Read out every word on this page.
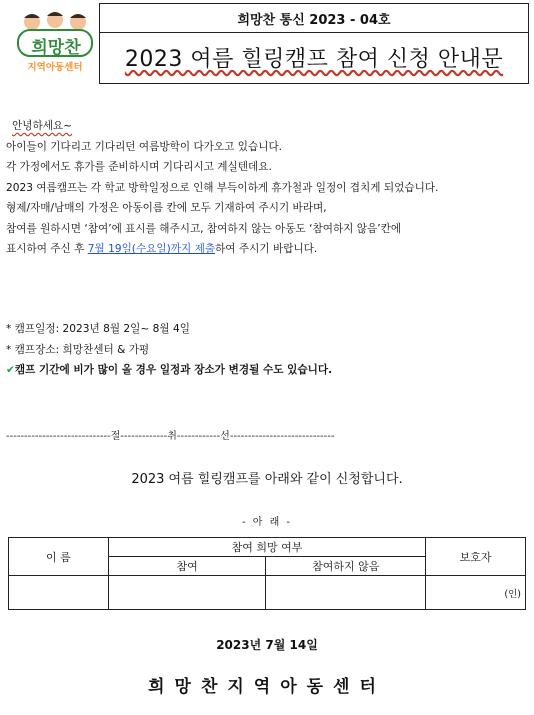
희망찬
지역아동센터
희망찬 통신 2023 - 04호
2023 여름 힐링캠프 참여 신청 안내문

안녕하세요~

아이들이 기다리고 기다리던 여름방학이 다가오고 있습니다.

각 가정에서도 휴가를 준비하시며 기다리시고 계실텐데요.

2023 여름캠프는 각 학교 방학일정으로 인해 부득이하게 휴가철과 일정이 겹치게 되었습니다.

형제/자매/남매의 가정은 아동이름 칸에 모두 기재하여 주시기 바라며,

참여를 원하시면 ‘참여’에 표시를 해주시고, 참여하지 않는 아동도 ‘참여하지 않음’칸에

표시하여 주신 후 7월 19일(수요일)까지 제출하여 주시기 바랍니다.

* 캠프일정: 2023년 8월 2일~ 8월 4일

* 캠프장소: 희망찬센터 & 가평

✔캠프 기간에 비가 많이 올 경우 일정과 장소가 변경될 수도 있습니다.

-----------------------------절-------------취------------선-----------------------------
2023 여름 힐링캠프를 아래와 같이 신청합니다.
- 아 래 -
이 름	참여 희망 여부		보호자
	참여	참여하지 않음	
			(인)
2023년 7월 14일
희망찬지역아동센터
